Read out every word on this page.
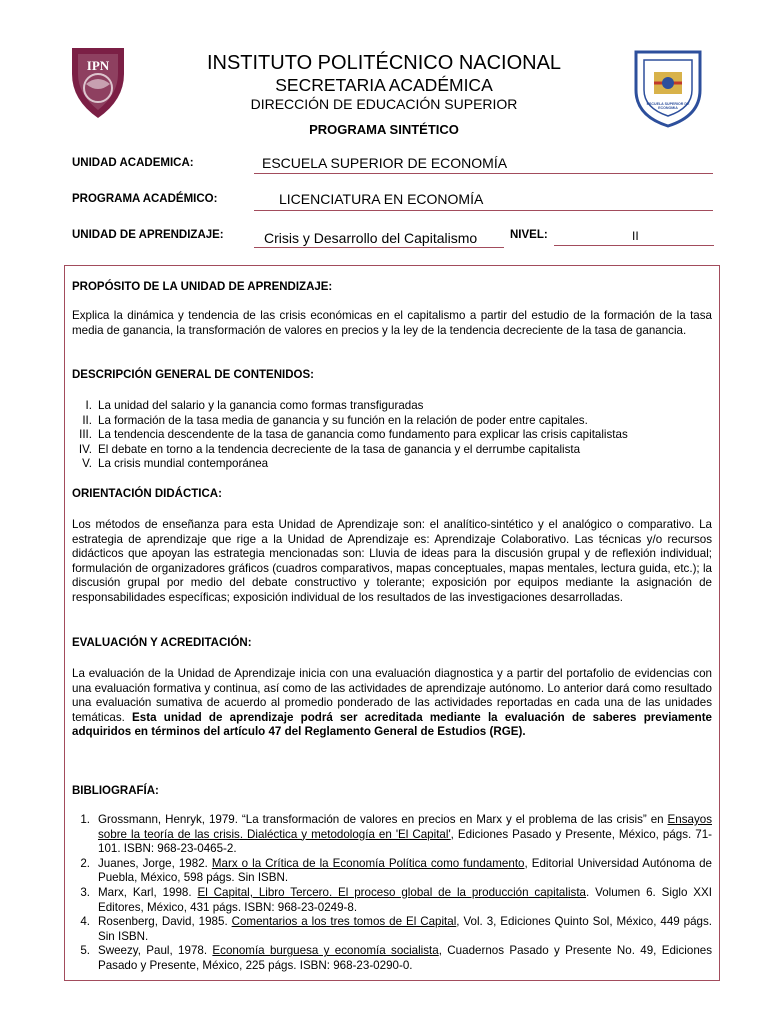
IPN
ESCUELA SUPERIOR DE ECONOMIA
INSTITUTO POLITÉCNICO NACIONAL
SECRETARIA ACADÉMICA
DIRECCIÓN DE EDUCACIÓN SUPERIOR
PROGRAMA SINTÉTICO
UNIDAD ACADEMICA:	ESCUELA SUPERIOR DE ECONOMÍA
PROGRAMA ACADÉMICO:	LICENCIATURA EN ECONOMÍA
UNIDAD DE APRENDIZAJE:	Crisis y Desarrollo del Capitalismo	NIVEL:	II
PROPÓSITO DE LA UNIDAD DE APRENDIZAJE:
Explica la dinámica y tendencia de las crisis económicas en el capitalismo a partir del estudio de la formación de la tasa media de ganancia, la transformación de valores en precios y la ley de la tendencia decreciente de la tasa de ganancia.
DESCRIPCIÓN GENERAL DE CONTENIDOS:
I. La unidad del salario y la ganancia como formas transfiguradas
II. La formación de la tasa media de ganancia y su función en la relación de poder entre capitales.
III. La tendencia descendente de la tasa de ganancia como fundamento para explicar las crisis capitalistas
IV. El debate en torno a la tendencia decreciente de la tasa de ganancia y el derrumbe capitalista
V. La crisis mundial contemporánea
ORIENTACIÓN DIDÁCTICA:
Los métodos de enseñanza para esta Unidad de Aprendizaje son: el analítico-sintético y el analógico o comparativo. La estrategia de aprendizaje que rige a la Unidad de Aprendizaje es: Aprendizaje Colaborativo. Las técnicas y/o recursos didácticos que apoyan las estrategia mencionadas son: Lluvia de ideas para la discusión grupal y de reflexión individual; formulación de organizadores gráficos (cuadros comparativos, mapas conceptuales, mapas mentales, lectura guida, etc.); la discusión grupal por medio del debate constructivo y tolerante; exposición por equipos mediante la asignación de responsabilidades específicas; exposición individual de los resultados de las investigaciones desarrolladas.
EVALUACIÓN Y ACREDITACIÓN:
La evaluación de la Unidad de Aprendizaje inicia con una evaluación diagnostica y a partir del portafolio de evidencias con una evaluación formativa y continua, así como de las actividades de aprendizaje autónomo. Lo anterior dará como resultado una evaluación sumativa de acuerdo al promedio ponderado de las actividades reportadas en cada una de las unidades temáticas. Esta unidad de aprendizaje podrá ser acreditada mediante la evaluación de saberes previamente adquiridos en términos del artículo 47 del Reglamento General de Estudios (RGE).
BIBLIOGRAFÍA:
1. Grossmann, Henryk, 1979. “La transformación de valores en precios en Marx y el problema de las crisis” en Ensayos sobre la teoría de las crisis. Dialéctica y metodología en 'El Capital', Ediciones Pasado y Presente, México, págs. 71-101. ISBN: 968-23-0465-2.
2. Juanes, Jorge, 1982. Marx o la Crítica de la Economía Política como fundamento, Editorial Universidad Autónoma de Puebla, México, 598 págs. Sin ISBN.
3. Marx, Karl, 1998. El Capital, Libro Tercero. El proceso global de la producción capitalista. Volumen 6. Siglo XXI Editores, México, 431 págs. ISBN: 968-23-0249-8.
4. Rosenberg, David, 1985. Comentarios a los tres tomos de El Capital, Vol. 3, Ediciones Quinto Sol, México, 449 págs. Sin ISBN.
5. Sweezy, Paul, 1978. Economía burguesa y economía socialista, Cuadernos Pasado y Presente No. 49, Ediciones Pasado y Presente, México, 225 págs. ISBN: 968-23-0290-0.
